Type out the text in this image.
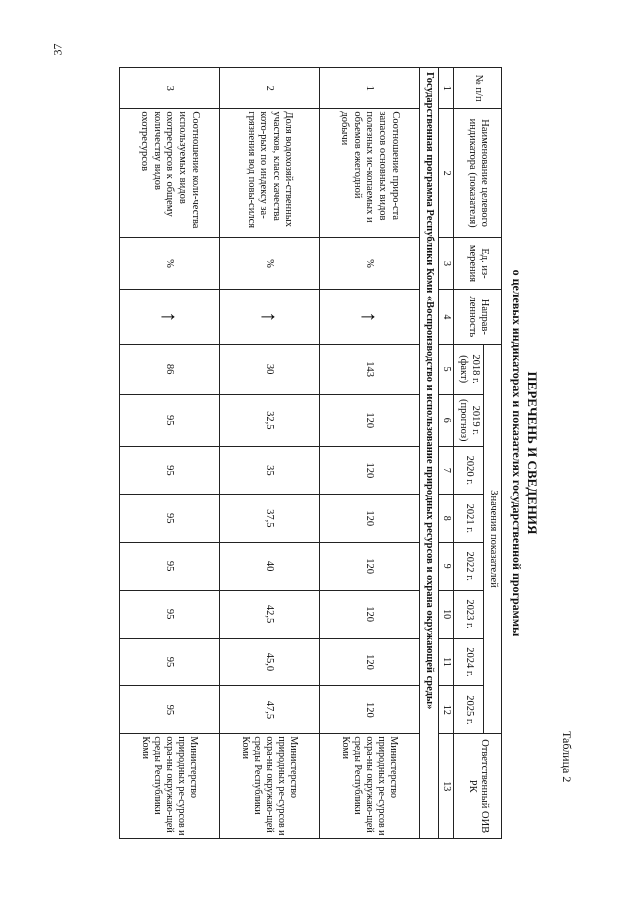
37
Таблица 2
ПЕРЕЧЕНЬ И СВЕДЕНИЯ
о целевых индикаторах и показателях государственной программы
№ п/п	Наименование целевого индикатора (показателя)	Ед. из-мерения	Направ-ленность	Значения показателей								Ответственный ОИВ РК
				2018 г. (факт)	2019 г. (прогноз)	2020 г.	2021 г.	2022 г.	2023 г.	2024 г.	2025 г.	
1	2	3	4	5	6	7	8	9	10	11	12	13
Государственная программа Республики Коми «Воспроизводство и использование природных ресурсов и охрана окружающей среды»												
1	Соотношение приро-ста запасов основных видов полезных ис-копаемых и объемов ежегодной добычи	%	↑	143	120	120	120	120	120	120	120	Министерство природных ре-сурсов и охра-ны окружаю-щей среды Республики Коми
2	Доля водохозяй-ственных участков, класс качества кото-рых по индексу за-грязнения вод повы-сился	%	↑	30	32,5	35	37,5	40	42,5	45,0	47,5	Министерство природных ре-сурсов и охра-ны окружаю-щей среды Республики Коми
3	Соотношение коли-чества используемых видов охотресурсов к общему количеству видов охотресурсов	%	↑	86	95	95	95	95	95	95	95	Министерство природных ре-сурсов и охра-ны окружаю-щей среды Республики Коми
